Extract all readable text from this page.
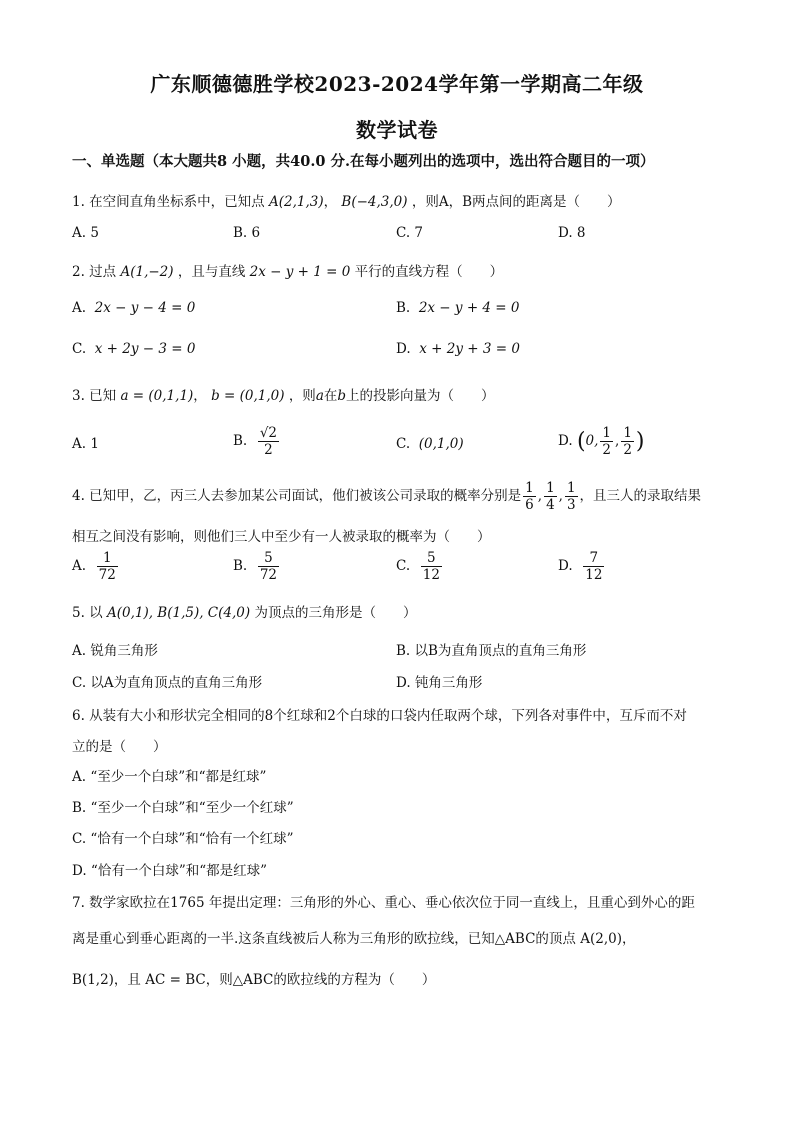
广东顺德德胜学校2023-2024学年第一学期高二年级
数学试卷
一、单选题（本大题共8 小题，共40.0 分.在每小题列出的选项中，选出符合题目的一项）
1. 在空间直角坐标系中，已知点 A(2,1,3)， B(−4,3,0) ，则A，B两点间的距离是（　　）
A. 5	B. 6	C. 7	D. 8
2. 过点 A(1,−2) ，且与直线 2x − y + 1 = 0 平行的直线方程（　　）
A. 2x − y − 4 = 0	B. 2x − y + 4 = 0
C. x + 2y − 3 = 0	D. x + 2y + 3 = 0
3. 已知 a = (0,1,1)， b = (0,1,0) ，则a在b上的投影向量为（　　）
A. 1	B. $\frac{√2}{2}$	C. (0,1,0)	D. (0, $\frac{1}{2}$ , $\frac{1}{2}$ )
4. 已知甲，乙，丙三人去参加某公司面试，他们被该公司录取的概率分别是 $\frac{1}{6}$ , $\frac{1}{4}$ , $\frac{1}{3}$ ，且三人的录取结果
相互之间没有影响，则他们三人中至少有一人被录取的概率为（　　）
A. $\frac{1}{72}$	B. $\frac{5}{72}$	C. $\frac{5}{12}$	D. $\frac{7}{12}$
5. 以 A(0,1), B(1,5), C(4,0) 为顶点的三角形是（　　）
A. 锐角三角形	B. 以B为直角顶点的直角三角形
C. 以A为直角顶点的直角三角形	D. 钝角三角形
6. 从装有大小和形状完全相同的8个红球和2个白球的口袋内任取两个球，下列各对事件中，互斥而不对
立的是（　　）
A. “至少一个白球”和“都是红球”
B. “至少一个白球”和“至少一个红球”
C. “恰有一个白球”和“恰有一个红球”
D. “恰有一个白球”和“都是红球”
7. 数学家欧拉在1765 年提出定理：三角形的外心、重心、垂心依次位于同一直线上，且重心到外心的距
离是重心到垂心距离的一半.这条直线被后人称为三角形的欧拉线，已知△ABC的顶点 A(2,0)，
B(1,2)，且 AC = BC，则△ABC的欧拉线的方程为（　　）
